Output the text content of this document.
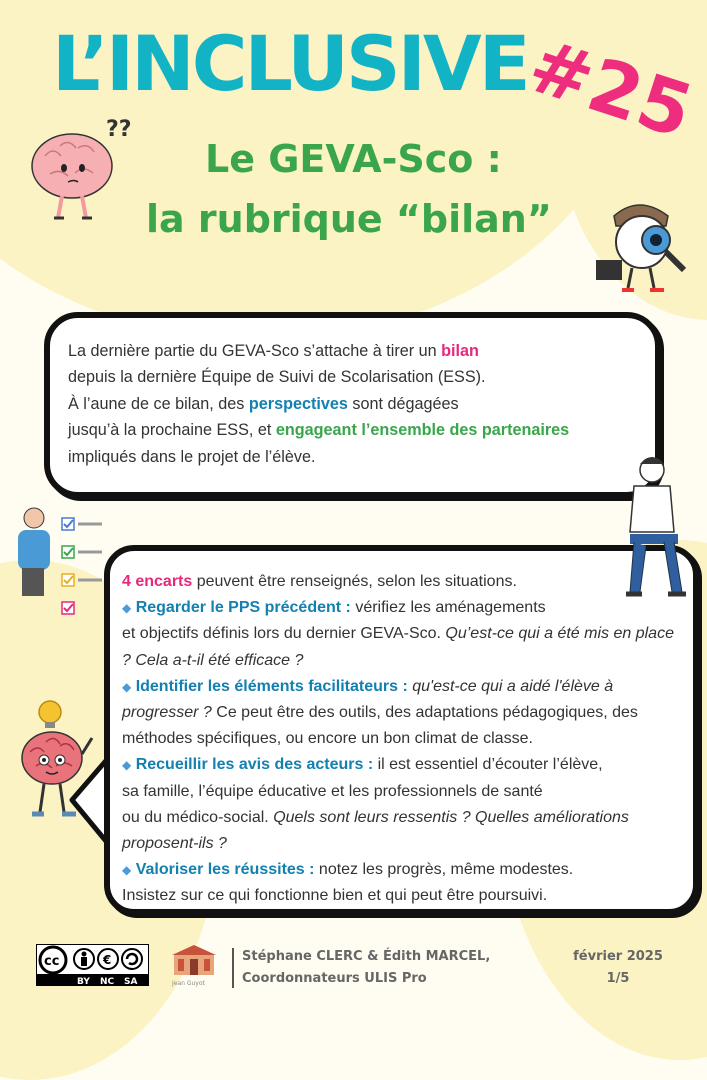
L’INCLUSIVE
#25
Le GEVA-Sco :
la rubrique “bilan”
??
La dernière partie du GEVA-Sco s’attache à tirer un bilan
depuis la dernière Équipe de Suivi de Scolarisation (ESS).
À l’aune de ce bilan, des perspectives sont dégagées
jusqu’à la prochaine ESS, et engageant l’ensemble des partenaires
impliqués dans le projet de l’élève.
4 encarts peuvent être renseignés, selon les situations.
◆ Regarder le PPS précédent : vérifiez les aménagements
et objectifs définis lors du dernier GEVA-Sco. Qu’est-ce qui a été mis en place ? Cela a-t-il été efficace ?
◆ Identifier les éléments facilitateurs : qu'est-ce qui a aidé l'élève à progresser ? Ce peut être des outils, des adaptations pédagogiques, des méthodes spécifiques, ou encore un bon climat de classe.
◆ Recueillir les avis des acteurs : il est essentiel d’écouter l’élève,
sa famille, l’équipe éducative et les professionnels de santé
ou du médico-social. Quels sont leurs ressentis ? Quelles améliorations proposent-ils ?
◆ Valoriser les réussites : notez les progrès, même modestes.
Insistez sur ce qui fonctionne bien et qui peut être poursuivi.
cc	€
BY NC SA	Jean Guyot
Stéphane CLERC & Édith MARCEL,
Coordonnateurs ULIS Pro
février 2025
1/5
